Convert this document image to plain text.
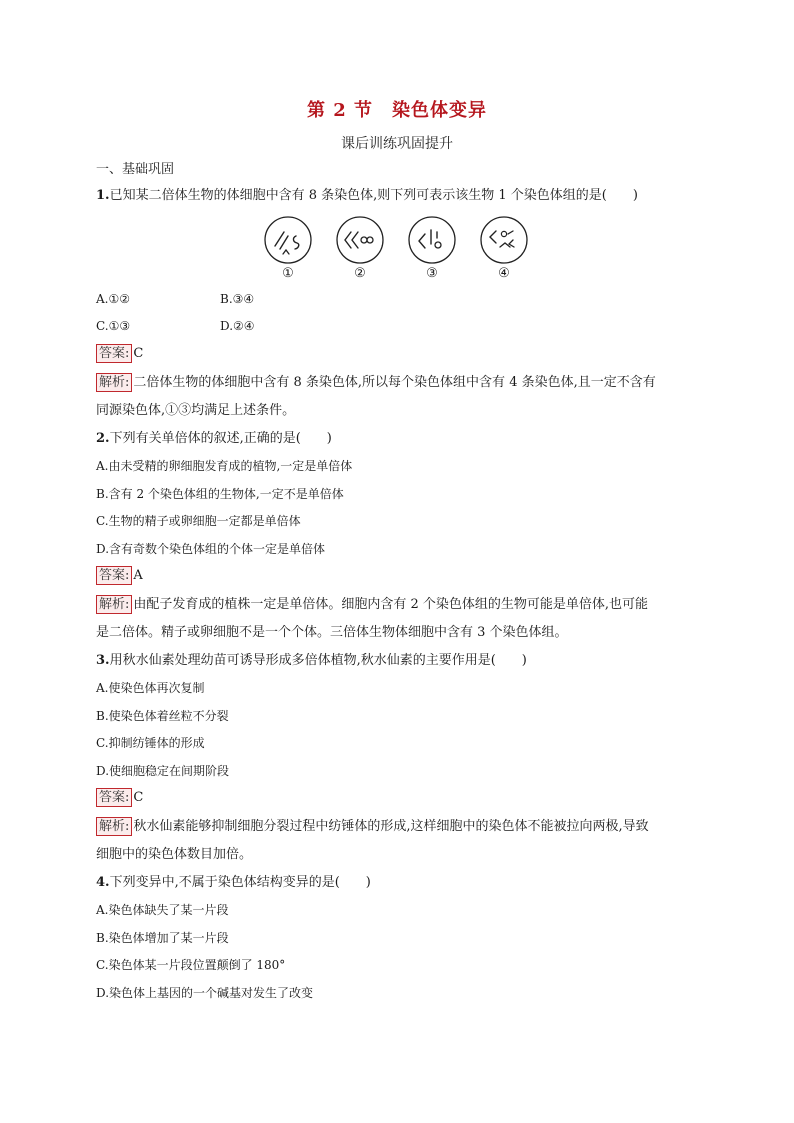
第 2 节　染色体变异
课后训练巩固提升
一、基础巩固
1.已知某二倍体生物的体细胞中含有 8 条染色体,则下列可表示该生物 1 个染色体组的是(　　)
①	②	③	④
A.①②	B.③④
C.①③	D.②④
答案: C
解析: 二倍体生物的体细胞中含有 8 条染色体,所以每个染色体组中含有 4 条染色体,且一定不含有
同源染色体,①③均满足上述条件。
2.下列有关单倍体的叙述,正确的是(　　)
A.由未受精的卵细胞发育成的植物,一定是单倍体
B.含有 2 个染色体组的生物体,一定不是单倍体
C.生物的精子或卵细胞一定都是单倍体
D.含有奇数个染色体组的个体一定是单倍体
答案: A
解析: 由配子发育成的植株一定是单倍体。细胞内含有 2 个染色体组的生物可能是单倍体,也可能
是二倍体。精子或卵细胞不是一个个体。三倍体生物体细胞中含有 3 个染色体组。
3.用秋水仙素处理幼苗可诱导形成多倍体植物,秋水仙素的主要作用是(　　)
A.使染色体再次复制
B.使染色体着丝粒不分裂
C.抑制纺锤体的形成
D.使细胞稳定在间期阶段
答案: C
解析: 秋水仙素能够抑制细胞分裂过程中纺锤体的形成,这样细胞中的染色体不能被拉向两极,导致
细胞中的染色体数目加倍。
4.下列变异中,不属于染色体结构变异的是(　　)
A.染色体缺失了某一片段
B.染色体增加了某一片段
C.染色体某一片段位置颠倒了 180°
D.染色体上基因的一个碱基对发生了改变
